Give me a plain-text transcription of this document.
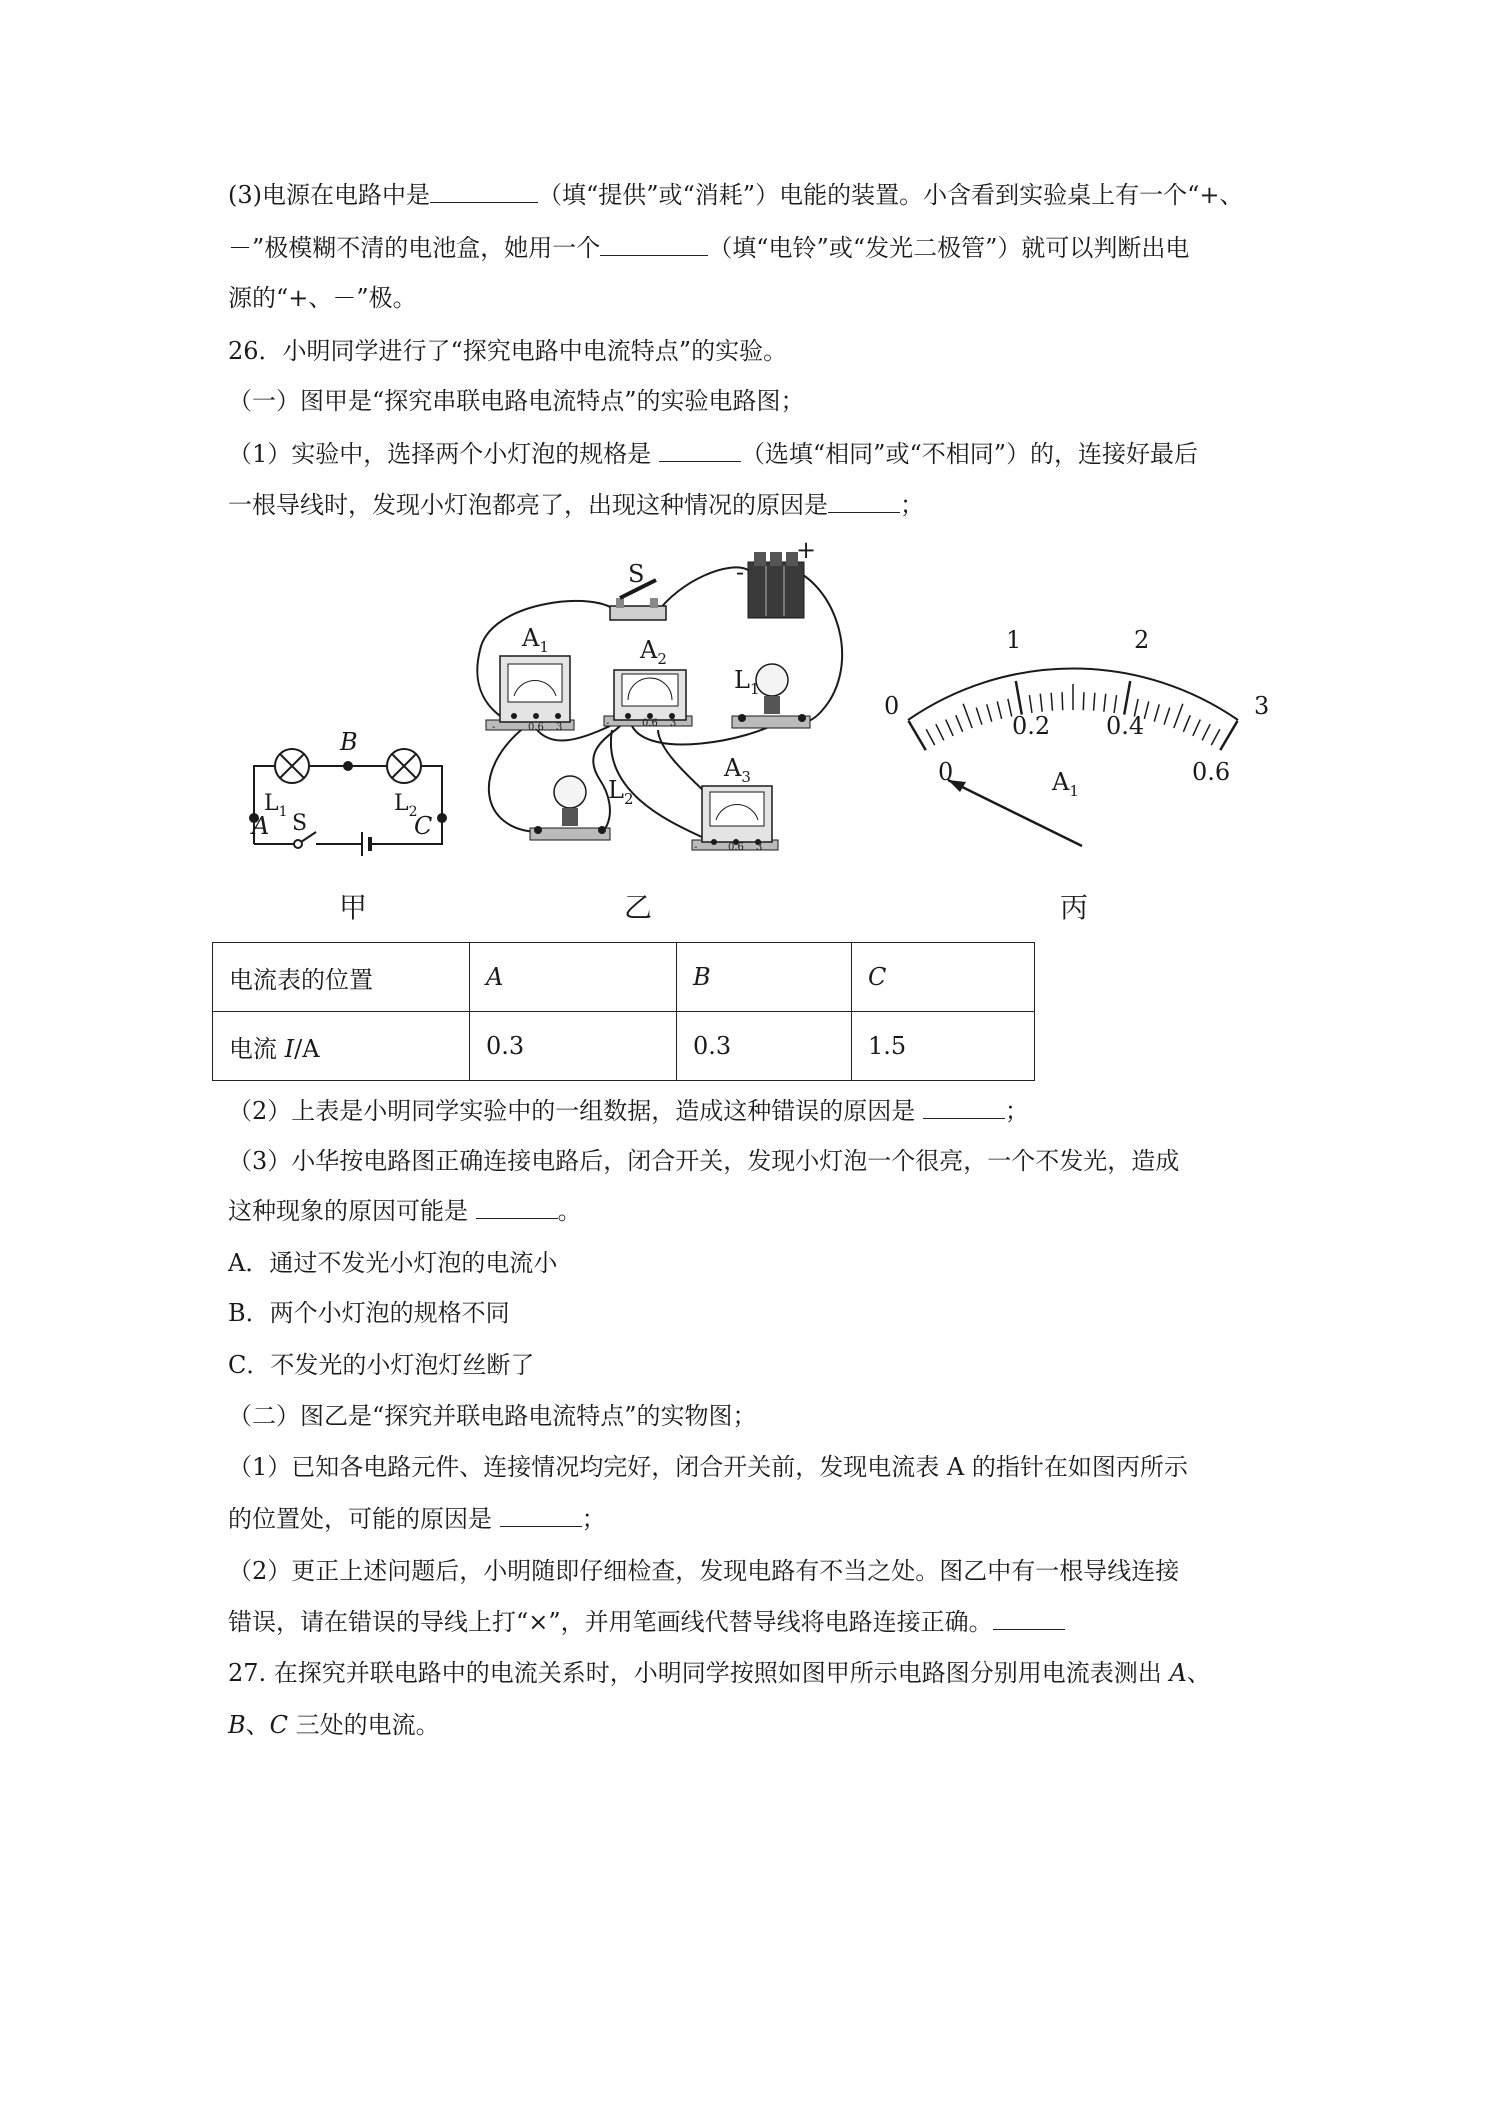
(3)电源在电路中是	（填“提供”或“消耗”）电能的装置。小含看到实验桌上有一个“+、
－”极模糊不清的电池盒，她用一个	（填“电铃”或“发光二极管”）就可以判断出电
源的“+、－”极。
26．小明同学进行了“探究电路中电流特点”的实验。
（一）图甲是“探究串联电路电流特点”的实验电路图；
（1）实验中，选择两个小灯泡的规格是	（选填“相同”或“不相同”）的，连接好最后
一根导线时，发现小灯泡都亮了，出现这种情况的原因是	；
B
$L_1$	$L_2$
A	C
S
甲
S	-
+
$A_1$	$A_2$
$L_1$
$L_2$
$A_3$
-	0.6 3	-	0.6 3
-	0.6 3
乙
0
1	2
3
0
0.2 0.4
0.6
$A_1$
丙
电流表的位置	A	B	C
电流 I/A	0.3	0.3	1.5
（2）上表是小明同学实验中的一组数据，造成这种错误的原因是	；
（3）小华按电路图正确连接电路后，闭合开关，发现小灯泡一个很亮，一个不发光，造成
这种现象的原因可能是	。
A．通过不发光小灯泡的电流小
B．两个小灯泡的规格不同
C．不发光的小灯泡灯丝断了
（二）图乙是“探究并联电路电流特点”的实物图；
（1）已知各电路元件、连接情况均完好，闭合开关前，发现电流表 A 的指针在如图丙所示
的位置处，可能的原因是	；
（2）更正上述问题后，小明随即仔细检查，发现电路有不当之处。图乙中有一根导线连接
错误，请在错误的导线上打“×”，并用笔画线代替导线将电路连接正确。
27. 在探究并联电路中的电流关系时，小明同学按照如图甲所示电路图分别用电流表测出 A、
B、C 三处的电流。
